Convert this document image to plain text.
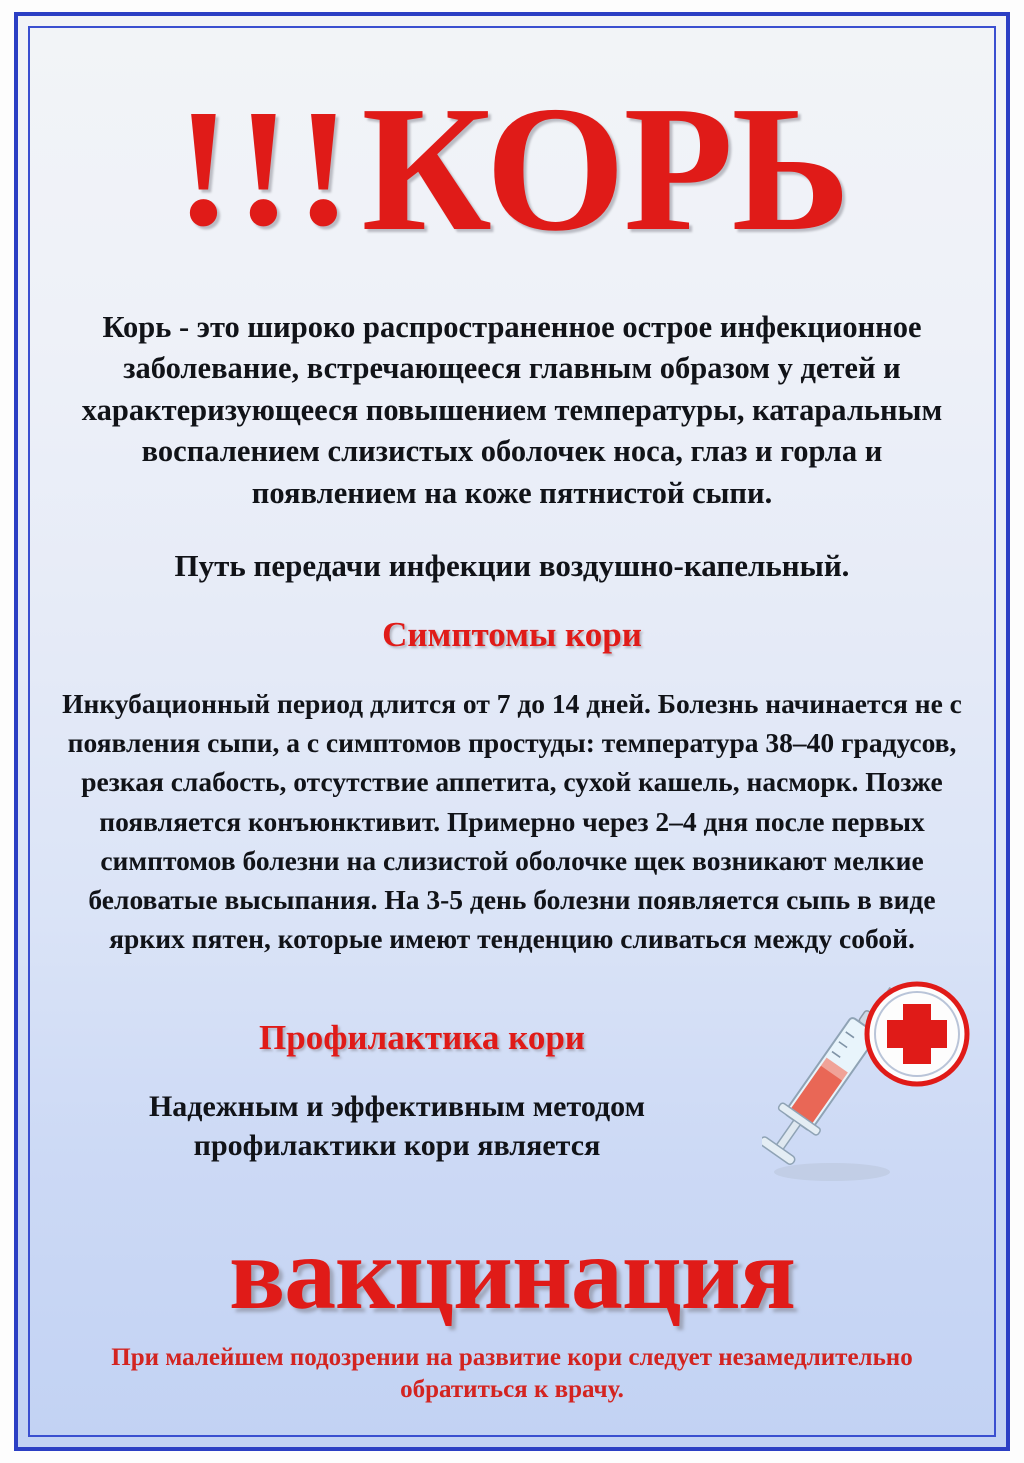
!!!КОРЬ

Корь - это широко распространенное острое инфекционное заболевание, встречающееся главным образом у детей и характеризующееся повышением температуры, катаральным воспалением слизистых оболочек носа, глаз и горла и появлением на коже пятнистой сыпи.

Путь передачи инфекции воздушно-капельный.

Симптомы кори

Инкубационный период длится от 7 до 14 дней. Болезнь начинается не с появления сыпи, а с симптомов простуды: температура 38–40 градусов, резкая слабость, отсутствие аппетита, сухой кашель, насморк. Позже появляется конъюнктивит. Примерно через 2–4 дня после первых симптомов болезни на слизистой оболочке щек возникают мелкие беловатые высыпания. На 3-5 день болезни появляется сыпь в виде ярких пятен, которые имеют тенденцию сливаться между собой.

Профилактика кори

Надежным и эффективным методом профилактики кори является

вакцинация

При малейшем подозрении на развитие кори следует незамедлительно обратиться к врачу.
